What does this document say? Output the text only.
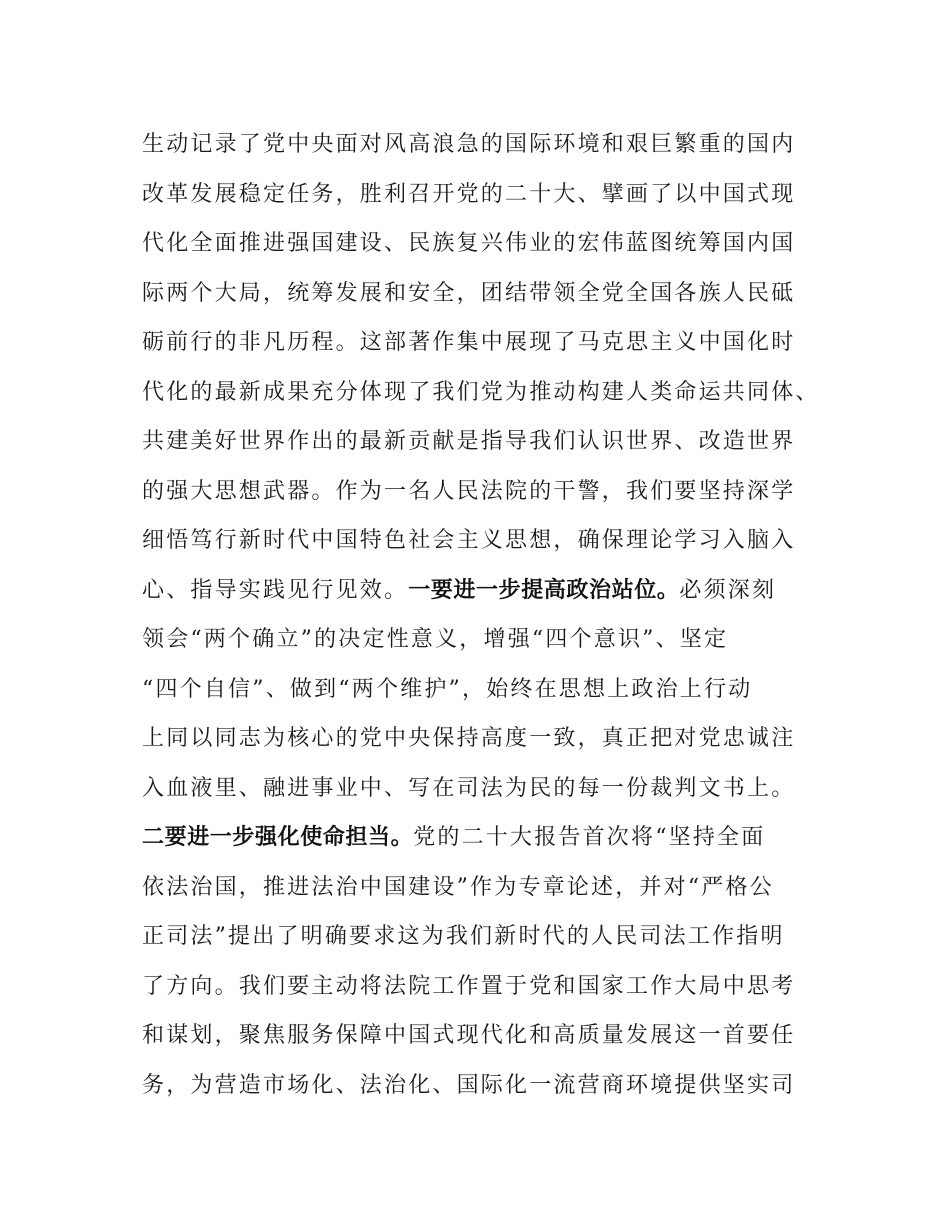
生动记录了党中央面对风高浪急的国际环境和艰巨繁重的国内
改革发展稳定任务，胜利召开党的二十大、擘画了以中国式现
代化全面推进强国建设、民族复兴伟业的宏伟蓝图统筹国内国
际两个大局，统筹发展和安全，团结带领全党全国各族人民砥
砺前行的非凡历程。这部著作集中展现了马克思主义中国化时
代化的最新成果充分体现了我们党为推动构建人类命运共同体、
共建美好世界作出的最新贡献是指导我们认识世界、改造世界
的强大思想武器。作为一名人民法院的干警，我们要坚持深学
细悟笃行新时代中国特色社会主义思想，确保理论学习入脑入
心、指导实践见行见效。一要进一步提高政治站位。必须深刻
领会“两个确立”的决定性意义，增强“四个意识”、坚定
“四个自信”、做到“两个维护”，始终在思想上政治上行动
上同以同志为核心的党中央保持高度一致，真正把对党忠诚注
入血液里、融进事业中、写在司法为民的每一份裁判文书上。
二要进一步强化使命担当。党的二十大报告首次将“坚持全面
依法治国，推进法治中国建设”作为专章论述，并对“严格公
正司法”提出了明确要求这为我们新时代的人民司法工作指明
了方向。我们要主动将法院工作置于党和国家工作大局中思考
和谋划，聚焦服务保障中国式现代化和高质量发展这一首要任
务，为营造市场化、法治化、国际化一流营商环境提供坚实司
